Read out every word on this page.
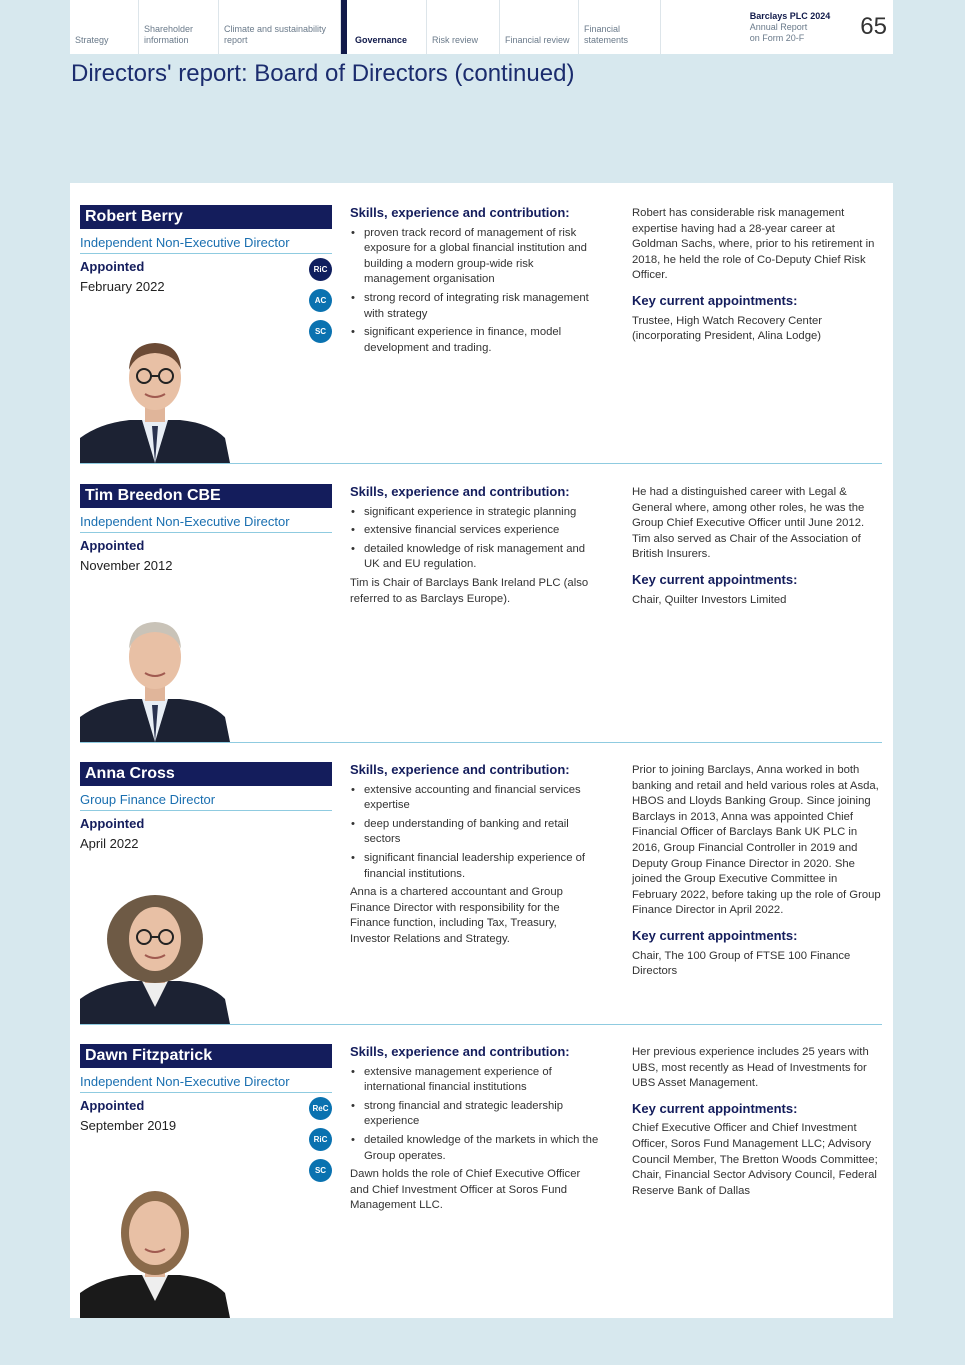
Strategy
Shareholder information
Climate and sustainability report	Governance	Risk review	Financial review
Financial statements
Barclays PLC 2024
Annual Report
on Form 20-F	65
Directors' report: Board of Directors (continued)
Robert Berry
Independent Non-Executive Director
Appointed
February 2022
RiC
AC
SC
Skills, experience and contribution:
• proven track record of management of risk exposure for a global financial institution and building a modern group-wide risk management organisation
• strong record of integrating risk management with strategy
• significant experience in finance, model development and trading.

Robert has considerable risk management expertise having had a 28-year career at Goldman Sachs, where, prior to his retirement in 2018, he held the role of Co-Deputy Chief Risk Officer.

Key current appointments:

Trustee, High Watch Recovery Center (incorporating President, Alina Lodge)

Tim Breedon CBE
Independent Non-Executive Director
Appointed
November 2012
Skills, experience and contribution:
• significant experience in strategic planning
• extensive financial services experience
• detailed knowledge of risk management and UK and EU regulation.

Tim is Chair of Barclays Bank Ireland PLC (also referred to as Barclays Europe).

He had a distinguished career with Legal & General where, among other roles, he was the Group Chief Executive Officer until June 2012. Tim also served as Chair of the Association of British Insurers.

Key current appointments:

Chair, Quilter Investors Limited

Anna Cross
Group Finance Director
Appointed
April 2022
Skills, experience and contribution:
• extensive accounting and financial services expertise
• deep understanding of banking and retail sectors
• significant financial leadership experience of financial institutions.

Anna is a chartered accountant and Group Finance Director with responsibility for the Finance function, including Tax, Treasury, Investor Relations and Strategy.

Prior to joining Barclays, Anna worked in both banking and retail and held various roles at Asda, HBOS and Lloyds Banking Group. Since joining Barclays in 2013, Anna was appointed Chief Financial Officer of Barclays Bank UK PLC in 2016, Group Financial Controller in 2019 and Deputy Group Finance Director in 2020. She joined the Group Executive Committee in February 2022, before taking up the role of Group Finance Director in April 2022.

Key current appointments:

Chair, The 100 Group of FTSE 100 Finance Directors

Dawn Fitzpatrick
Independent Non-Executive Director
Appointed
September 2019
ReC
RiC
SC
Skills, experience and contribution:
• extensive management experience of international financial institutions
• strong financial and strategic leadership experience
• detailed knowledge of the markets in which the Group operates.

Dawn holds the role of Chief Executive Officer and Chief Investment Officer at Soros Fund Management LLC.

Her previous experience includes 25 years with UBS, most recently as Head of Investments for UBS Asset Management.

Key current appointments:

Chief Executive Officer and Chief Investment Officer, Soros Fund Management LLC; Advisory Council Member, The Bretton Woods Committee; Chair, Financial Sector Advisory Council, Federal Reserve Bank of Dallas
